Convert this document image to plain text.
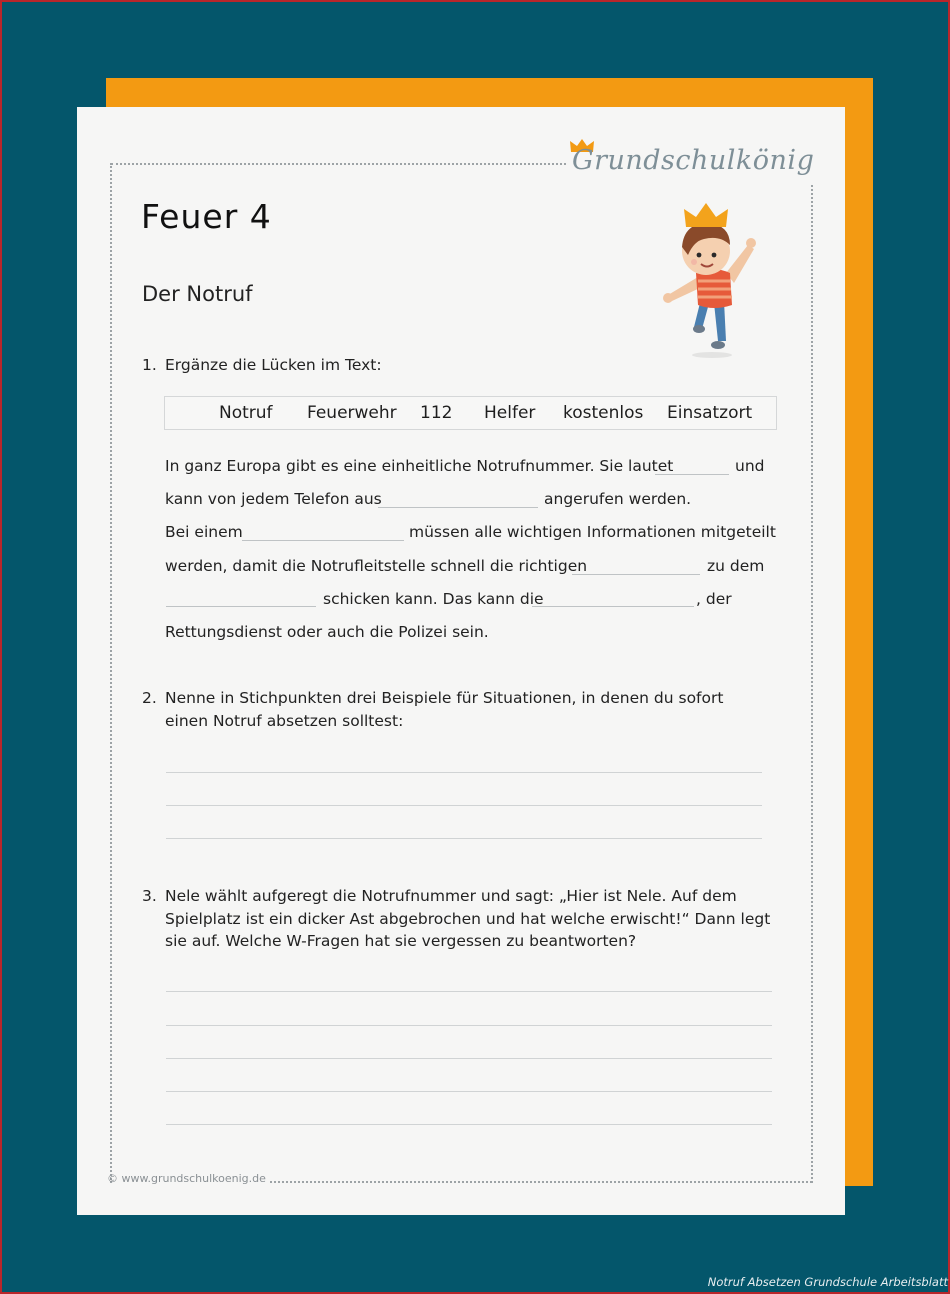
Grundschulkönig
Feuer 4
Der Notruf
1. Ergänze die Lücken im Text:
Notruf Feuerwehr 112 Helfer kostenlos Einsatzort
In ganz Europa gibt es eine einheitliche Notrufnummer. Sie lautet	und
kann von jedem Telefon aus	angerufen werden.
Bei einem	müssen alle wichtigen Informationen mitgeteilt
werden, damit die Notrufleitstelle schnell die richtigen	zu dem
schicken kann. Das kann die	, der
Rettungsdienst oder auch die Polizei sein.
2. Nenne in Stichpunkten drei Beispiele für Situationen, in denen du sofort einen Notruf absetzen solltest:
3. Nele wählt aufgeregt die Notrufnummer und sagt: „Hier ist Nele. Auf dem Spielplatz ist ein dicker Ast abgebrochen und hat welche erwischt!“ Dann legt sie auf. Welche W-Fragen hat sie vergessen zu beantworten?
© www.grundschulkoenig.de
Notruf Absetzen Grundschule Arbeitsblatt
